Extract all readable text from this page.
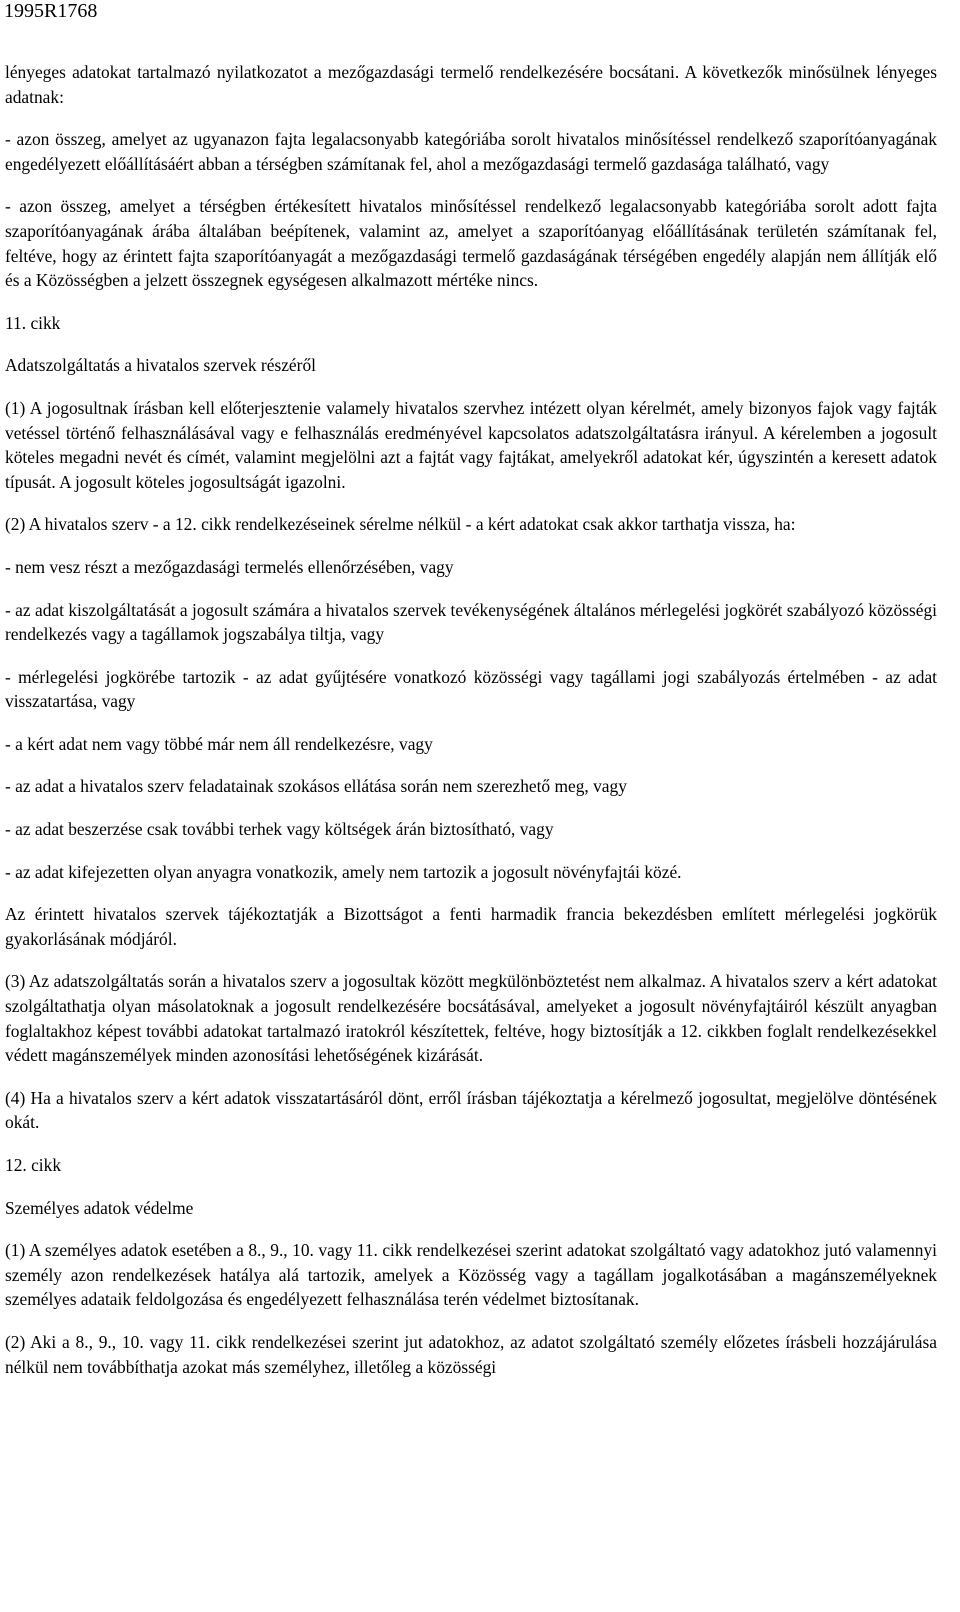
1995R1768

lényeges adatokat tartalmazó nyilatkozatot a mezőgazdasági termelő rendelkezésére bocsátani. A következők minősülnek lényeges adatnak:

- azon összeg, amelyet az ugyanazon fajta legalacsonyabb kategóriába sorolt hivatalos minősítéssel rendelkező szaporítóanyagának engedélyezett előállításáért abban a térségben számítanak fel, ahol a mezőgazdasági termelő gazdasága található, vagy

- azon összeg, amelyet a térségben értékesített hivatalos minősítéssel rendelkező legalacsonyabb kategóriába sorolt adott fajta szaporítóanyagának árába általában beépítenek, valamint az, amelyet a szaporítóanyag előállításának területén számítanak fel, feltéve, hogy az érintett fajta szaporítóanyagát a mezőgazdasági termelő gazdaságának térségében engedély alapján nem állítják elő és a Közösségben a jelzett összegnek egységesen alkalmazott mértéke nincs.

11. cikk

Adatszolgáltatás a hivatalos szervek részéről

(1) A jogosultnak írásban kell előterjesztenie valamely hivatalos szervhez intézett olyan kérelmét, amely bizonyos fajok vagy fajták vetéssel történő felhasználásával vagy e felhasználás eredményével kapcsolatos adatszolgáltatásra irányul. A kérelemben a jogosult köteles megadni nevét és címét, valamint megjelölni azt a fajtát vagy fajtákat, amelyekről adatokat kér, úgyszintén a keresett adatok típusát. A jogosult köteles jogosultságát igazolni.

(2) A hivatalos szerv - a 12. cikk rendelkezéseinek sérelme nélkül - a kért adatokat csak akkor tarthatja vissza, ha:

- nem vesz részt a mezőgazdasági termelés ellenőrzésében, vagy

- az adat kiszolgáltatását a jogosult számára a hivatalos szervek tevékenységének általános mérlegelési jogkörét szabályozó közösségi rendelkezés vagy a tagállamok jogszabálya tiltja, vagy

- mérlegelési jogkörébe tartozik - az adat gyűjtésére vonatkozó közösségi vagy tagállami jogi szabályozás értelmében - az adat visszatartása, vagy

- a kért adat nem vagy többé már nem áll rendelkezésre, vagy

- az adat a hivatalos szerv feladatainak szokásos ellátása során nem szerezhető meg, vagy

- az adat beszerzése csak további terhek vagy költségek árán biztosítható, vagy

- az adat kifejezetten olyan anyagra vonatkozik, amely nem tartozik a jogosult növényfajtái közé.

Az érintett hivatalos szervek tájékoztatják a Bizottságot a fenti harmadik francia bekezdésben említett mérlegelési jogkörük gyakorlásának módjáról.

(3) Az adatszolgáltatás során a hivatalos szerv a jogosultak között megkülönböztetést nem alkalmaz. A hivatalos szerv a kért adatokat szolgáltathatja olyan másolatoknak a jogosult rendelkezésére bocsátásával, amelyeket a jogosult növényfajtáiról készült anyagban foglaltakhoz képest további adatokat tartalmazó iratokról készítettek, feltéve, hogy biztosítják a 12. cikkben foglalt rendelkezésekkel védett magánszemélyek minden azonosítási lehetőségének kizárását.

(4) Ha a hivatalos szerv a kért adatok visszatartásáról dönt, erről írásban tájékoztatja a kérelmező jogosultat, megjelölve döntésének okát.

12. cikk

Személyes adatok védelme

(1) A személyes adatok esetében a 8., 9., 10. vagy 11. cikk rendelkezései szerint adatokat szolgáltató vagy adatokhoz jutó valamennyi személy azon rendelkezések hatálya alá tartozik, amelyek a Közösség vagy a tagállam jogalkotásában a magánszemélyeknek személyes adataik feldolgozása és engedélyezett felhasználása terén védelmet biztosítanak.

(2) Aki a 8., 9., 10. vagy 11. cikk rendelkezései szerint jut adatokhoz, az adatot szolgáltató személy előzetes írásbeli hozzájárulása nélkül nem továbbíthatja azokat más személyhez, illetőleg a közösségi
